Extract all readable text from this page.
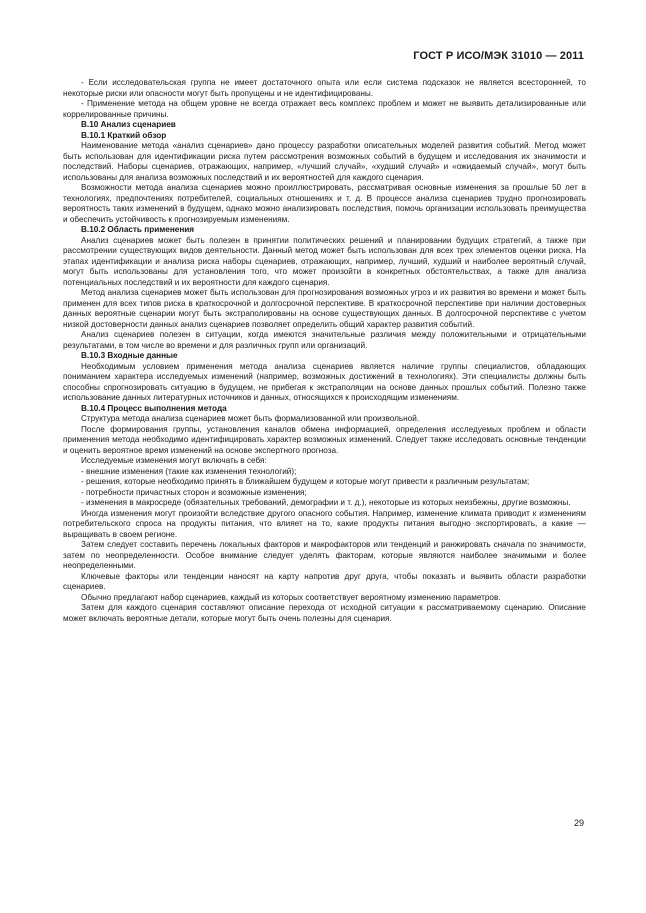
ГОСТ Р ИСО/МЭК 31010 — 2011

- Если исследовательская группа не имеет достаточного опыта или если система подсказок не является всесторонней, то некоторые риски или опасности могут быть пропущены и не идентифицированы.

- Применение метода на общем уровне не всегда отражает весь комплекс проблем и может не выявить детализированные или коррелированные причины.

B.10 Анализ сценариев
B.10.1 Краткий обзор

Наименование метода «анализ сценариев» дано процессу разработки описательных моделей развития событий. Метод может быть использован для идентификации риска путем рассмотрения возможных событий в будущем и исследования их значимости и последствий. Наборы сценариев, отражающих, например, «лучший случай», «худший случай» и «ожидаемый случай», могут быть использованы для анализа возможных последствий и их вероятностей для каждого сценария.

Возможности метода анализа сценариев можно проиллюстрировать, рассматривая основные изменения за прошлые 50 лет в технологиях, предпочтениях потребителей, социальных отношениях и т. д. В процессе анализа сценариев трудно прогнозировать вероятность таких изменений в будущем, однако можно анализировать последствия, помочь организации использовать преимущества и обеспечить устойчивость к прогнозируемым изменениям.

B.10.2 Область применения

Анализ сценариев может быть полезен в принятии политических решений и планировании будущих стратегий, а также при рассмотрении существующих видов деятельности. Данный метод может быть использован для всех трех элементов оценки риска. На этапах идентификации и анализа риска наборы сценариев, отражающих, например, лучший, худший и наиболее вероятный случай, могут быть использованы для установления того, что может произойти в конкретных обстоятельствах, а также для анализа потенциальных последствий и их вероятности для каждого сценария.

Метод анализа сценариев может быть использован для прогнозирования возможных угроз и их развития во времени и может быть применен для всех типов риска в краткосрочной и долгосрочной перспективе. В краткосрочной перспективе при наличии достоверных данных вероятные сценарии могут быть экстраполированы на основе существующих данных. В долгосрочной перспективе с учетом низкой достоверности данных анализ сценариев позволяет определить общий характер развития событий.

Анализ сценариев полезен в ситуации, когда имеются значительные различия между положительными и отрицательными результатами, в том числе во времени и для различных групп или организаций.

B.10.3 Входные данные

Необходимым условием применения метода анализа сценариев является наличие группы специалистов, обладающих пониманием характера исследуемых изменений (например, возможных достижений в технологиях). Эти специалисты должны быть способны спрогнозировать ситуацию в будущем, не прибегая к экстраполяции на основе данных прошлых событий. Полезно также использование данных литературных источников и данных, относящихся к происходящим изменениям.

B.10.4 Процесс выполнения метода

Структура метода анализа сценариев может быть формализованной или произвольной.

После формирования группы, установления каналов обмена информацией, определения исследуемых проблем и области применения метода необходимо идентифицировать характер возможных изменений. Следует также исследовать основные тенденции и оценить вероятное время изменений на основе экспертного прогноза.

Исследуемые изменения могут включать в себя:

- внешние изменения (такие как изменения технологий);

- решения, которые необходимо принять в ближайшем будущем и которые могут привести к различным результатам;

- потребности причастных сторон и возможные изменения;

- изменения в макросреде (обязательных требований, демографии и т. д.), некоторые из которых неизбежны, другие возможны.

Иногда изменения могут произойти вследствие другого опасного события. Например, изменение климата приводит к изменениям потребительского спроса на продукты питания, что влияет на то, какие продукты питания выгодно экспортировать, а какие — выращивать в своем регионе.

Затем следует составить перечень локальных факторов и макрофакторов или тенденций и ранжировать сначала по значимости, затем по неопределенности. Особое внимание следует уделять факторам, которые являются наиболее значимыми и более неопределенными.

Ключевые факторы или тенденции наносят на карту напротив друг друга, чтобы показать и выявить области разработки сценариев.

Обычно предлагают набор сценариев, каждый из которых соответствует вероятному изменению параметров.

Затем для каждого сценария составляют описание перехода от исходной ситуации к рассматриваемому сценарию. Описание может включать вероятные детали, которые могут быть очень полезны для сценария.

29
